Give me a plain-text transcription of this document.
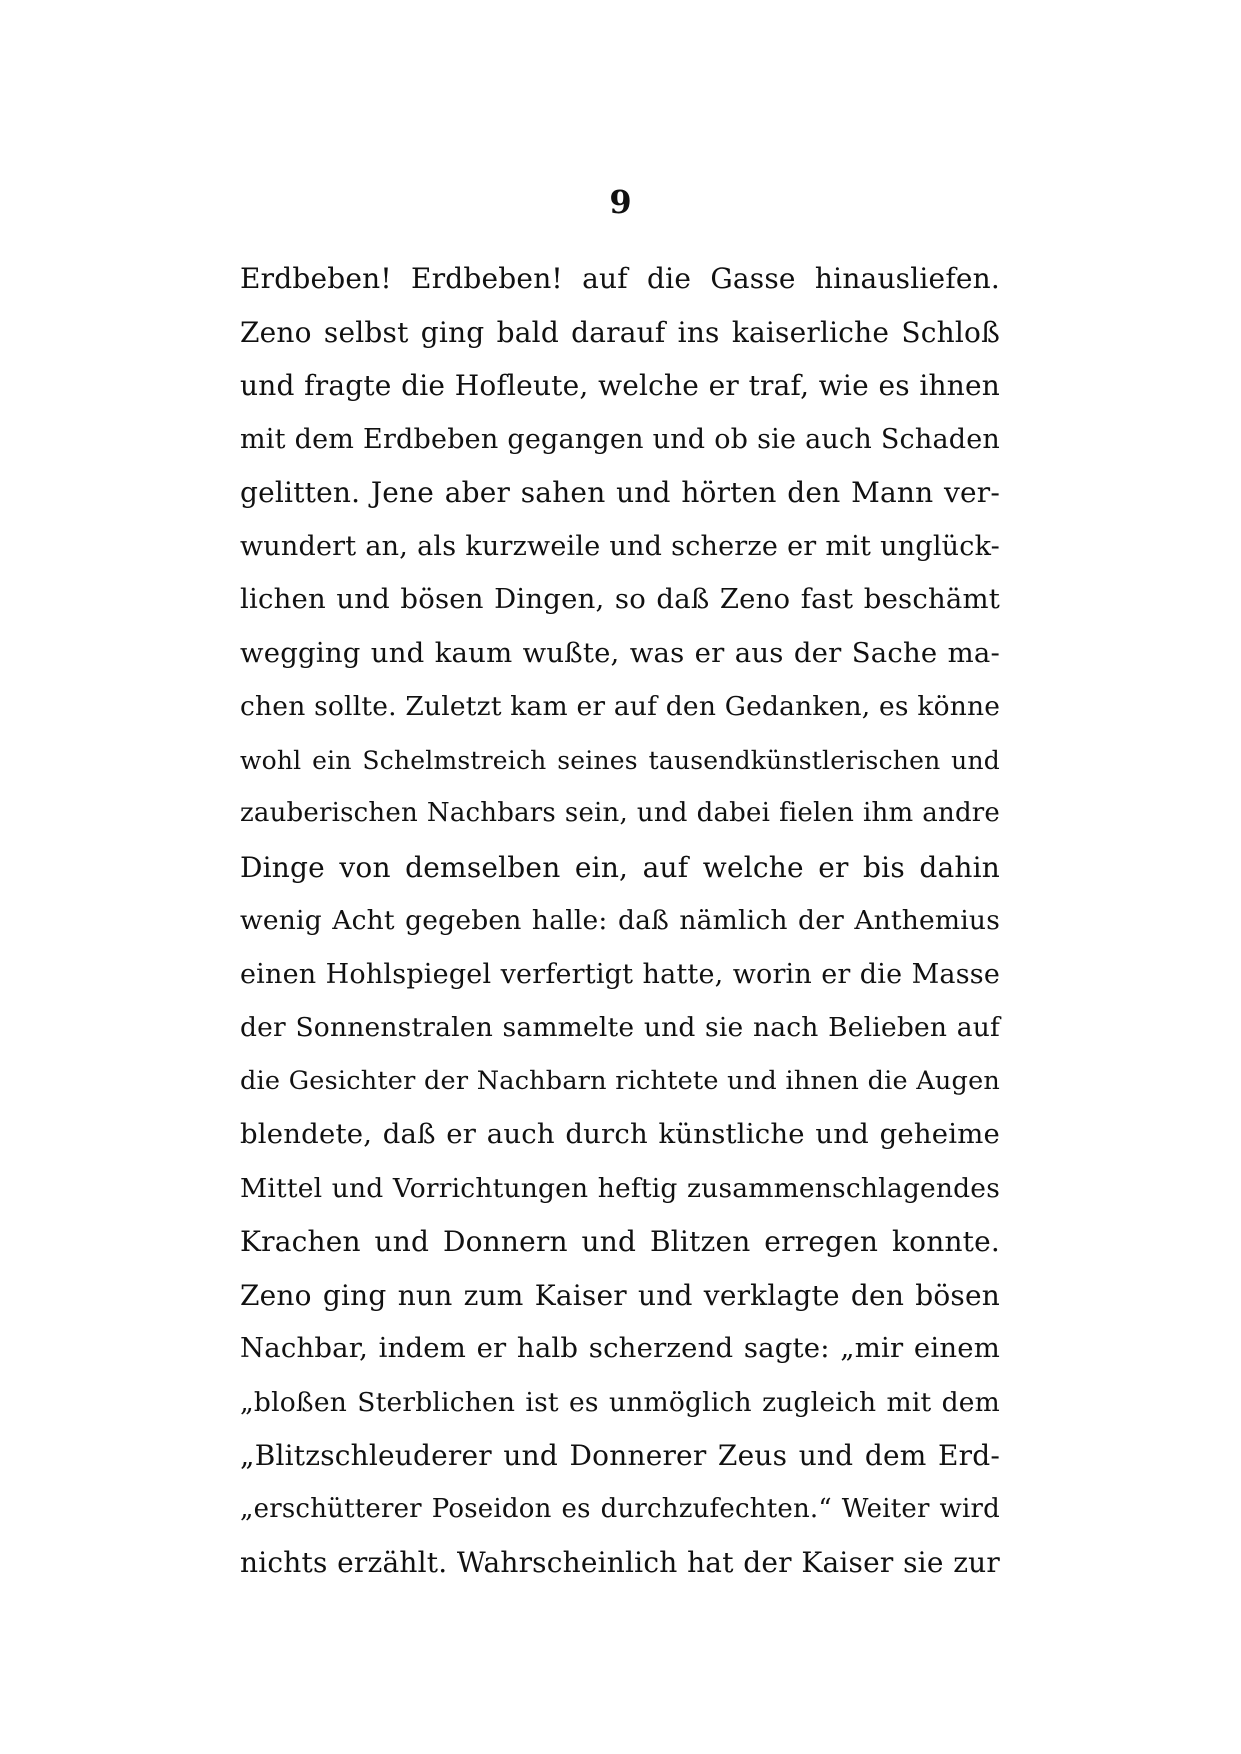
9
Erdbeben! Erdbeben! auf die Gasse hinausliefen.
Zeno selbst ging bald darauf ins kaiserliche Schloß
und fragte die Hofleute, welche er traf, wie es ihnen
mit dem Erdbeben gegangen und ob sie auch Schaden
gelitten. Jene aber sahen und hörten den Mann ver-
wundert an, als kurzweile und scherze er mit unglück-
lichen und bösen Dingen, so daß Zeno fast beschämt
wegging und kaum wußte, was er aus der Sache ma-
chen sollte. Zuletzt kam er auf den Gedanken, es könne
wohl ein Schelmstreich seines tausendkünstlerischen und
zauberischen Nachbars sein, und dabei fielen ihm andre
Dinge von demselben ein, auf welche er bis dahin
wenig Acht gegeben halle: daß nämlich der Anthemius
einen Hohlspiegel verfertigt hatte, worin er die Masse
der Sonnenstralen sammelte und sie nach Belieben auf
die Gesichter der Nachbarn richtete und ihnen die Augen
blendete, daß er auch durch künstliche und geheime
Mittel und Vorrichtungen heftig zusammenschlagendes
Krachen und Donnern und Blitzen erregen konnte.
Zeno ging nun zum Kaiser und verklagte den bösen
Nachbar, indem er halb scherzend sagte: „mir einem
„bloßen Sterblichen ist es unmöglich zugleich mit dem
„Blitzschleuderer und Donnerer Zeus und dem Erd-
„erschütterer Poseidon es durchzufechten.“ Weiter wird
nichts erzählt. Wahrscheinlich hat der Kaiser sie zur
